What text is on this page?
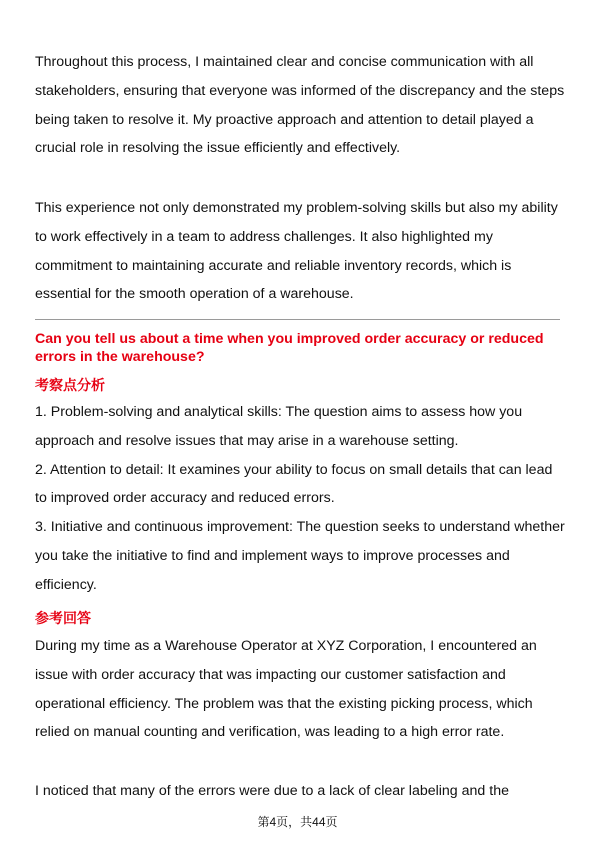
Throughout this process, I maintained clear and concise communication with all stakeholders, ensuring that everyone was informed of the discrepancy and the steps being taken to resolve it. My proactive approach and attention to detail played a crucial role in resolving the issue efficiently and effectively.

This experience not only demonstrated my problem-solving skills but also my ability to work effectively in a team to address challenges. It also highlighted my commitment to maintaining accurate and reliable inventory records, which is essential for the smooth operation of a warehouse.

Can you tell us about a time when you improved order accuracy or reduced errors in the warehouse?

考察点分析

1. Problem-solving and analytical skills: The question aims to assess how you approach and resolve issues that may arise in a warehouse setting.
2. Attention to detail: It examines your ability to focus on small details that can lead to improved order accuracy and reduced errors.
3. Initiative and continuous improvement: The question seeks to understand whether you take the initiative to find and implement ways to improve processes and efficiency.

参考回答

During my time as a Warehouse Operator at XYZ Corporation, I encountered an issue with order accuracy that was impacting our customer satisfaction and operational efficiency. The problem was that the existing picking process, which relied on manual counting and verification, was leading to a high error rate.

I noticed that many of the errors were due to a lack of clear labeling and the

第4页，共44页
